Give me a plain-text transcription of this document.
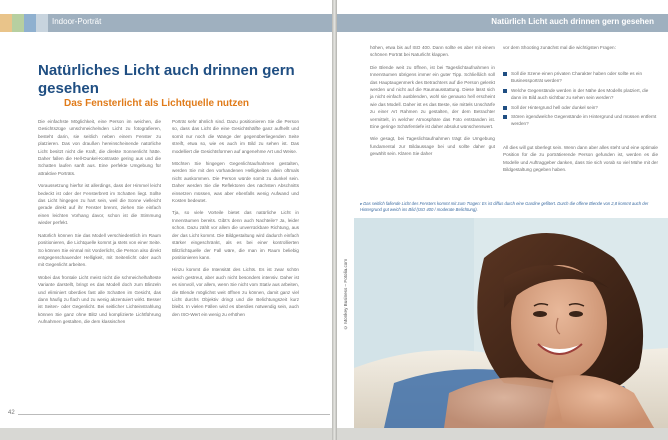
Indoor-Porträt
Natürliches Licht auch drinnen gern gesehen
Das Fensterlicht als Lichtquelle nutzen

Die einfachste Möglichkeit, eine Person im weichen, die Gesichtszüge umschmeichelnden Licht zu fotografieren, besteht darin, sie seitlich neben einem Fenster zu platzieren. Das von draußen hereinscheinende natürliche Licht besitzt nicht die Kraft, die direkte Sonnenlicht hätte. Daher fallen die Hell-Dunkel-Kontraste gering aus und die Schatten laufen sanft aus. Eine perfekte Umgebung für attraktive Porträts.

Voraussetzung hierfür ist allerdings, dass der Himmel leicht bedeckt ist oder der Fensterbrett im Schatten liegt. Sollte das Licht hingegen zu hart sein, weil die Sonne vielleicht gerade direkt auf ihr Fenster brennt, ziehen Sie einfach einen leichten Vorhang davor, schon ist die Stimmung wieder perfekt.

Natürlich können Sie das Modell verschiedentlich im Raum positionieren, die Lichtquelle kommt ja stets von einer Seite. So können Sie einmal mit Vorderlicht, die Person also direkt entgegenschauender Helligkeit, mit Seitenlicht oder auch mit Gegenlicht arbeiten.

Wobei das frontale Licht meist nicht die schmeichelhafteste Variante darstellt, bringt es das Modell doch zum Blinzeln und eliminiert überdies fast alle Schatten im Gesicht, das dann häufig zu flach und zu wenig akzentuiert wirkt. Besser ist Seiten- oder Gegenlicht. Bei seitlicher Lichteinstrahlung können Sie ganz ohne Blitz und komplizierte Lichtführung Aufnahmen gestalten, die dem klassischen

Porträt sehr ähnlich sind. Dazu positionieren Sie die Person so, dass das Licht die eine Gesichtshälfte ganz aufhellt und somit nur noch die Wange der gegenüberliegenden Seite streift, etwa so, wie es auch im Bild zu sehen ist. Das modelliert die Gesichtsformen auf angenehme Art und Weise.

Möchten Sie hingegen Gegenlichtaufnahmen gestalten, werden Sie mit den vorhandenen Helligkeiten allein oftmals nicht auskommen. Die Person würde somit zu dunkel sein. Daher werden Sie die Reflektoren des nächsten Abschnitts einsetzen müssen, was aber ebenfalls wenig Aufwand und Kosten bedeutet.

Tja, so viele Vorteile bietet das natürliche Licht in Innenräumen bereits. Gibt's denn auch Nachteile? Ja, leider schon. Dazu zählt vor allem die unverrückbare Richtung, aus der das Licht kommt. Die Bildgestaltung wird dadurch einfach stärker eingeschränkt, als es bei einer kontrollierten Blitzlichtquelle der Fall wäre, die man im Raum beliebig positionieren kann.

Hinzu kommt die Intensität des Lichts. Es ist zwar schön weich gestreut, aber auch nicht besonders intensiv. Daher ist es sinnvoll, vor allem, wenn Sie nicht vom Stativ aus arbeiten, die Blende möglichst weit öffnen zu können, damit ganz viel Licht durchs Objektiv dringt und die Belichtungszeit kurz bleibt. In vielen Fällen wird es überdies notwendig sein, auch den ISO-Wert ein wenig zu erhöhen

42
Natürlich Licht auch drinnen gern gesehen

höhen, etwa bis auf ISO 400. Dann sollte es aber mit einem schönen Porträt bei Naturlicht klappen.

Die Blende weit zu öffnen, ist bei Tageslichtaufnahmen in Innenräumen übrigens immer ein guter Tipp. Schließlich soll das Hauptaugenmerk des Betrachters auf die Person gelenkt werden und nicht auf die Raumausstattung. Diese lässt sich ja nicht einfach ausblenden, wohl sie genauso hell erscheint wie das Modell. Daher ist es das Beste, sie mittels Unschärfe zu einer Art Rahmen zu gestalten, der dem Betrachter vermittelt, in welcher Atmosphäre das Foto entstanden ist. Eine geringe Schärfentiefe ist daher absolut wünschenswert.

Wie gesagt, bei Tageslichtaufnahmen trägt die Umgebung fundamental zur Bildaussage bei und sollte daher gut gewählt sein. Klären Sie daher

vor dem Shooting zunächst mal die wichtigsten Fragen:

Soll die Szene einen privaten Charakter haben oder sollte es ein Businessporträt werden?
Welche Gegenstände werden in der Nähe des Modells platziert, die dann im Bild auch sichtbar zu sehen sein werden?
Soll der Hintergrund hell oder dunkel sein?
Stören irgendwelche Gegenstände im Hintergrund und müssen entfernt werden?

All dies will gut überlegt sein. Wenn dann aber alles steht und eine optimale Position für die zu porträtierende Person gefunden ist, werden es die Modelle und Auftraggeber danken, dass Sie sich vorab so viel Mühe mit der Bildgestaltung gegeben haben.

▸ Das seitlich fallende Licht des Fensters kommt mit zum Tragen: Es ist diffus durch eine Gardine gefiltert. Durch die offene Blende von 2,8 kommt auch der Hintergrund gut weich ins Bild (ISO 400 / moderate Belichtung).
© Monkey Business – Fotolia.com
